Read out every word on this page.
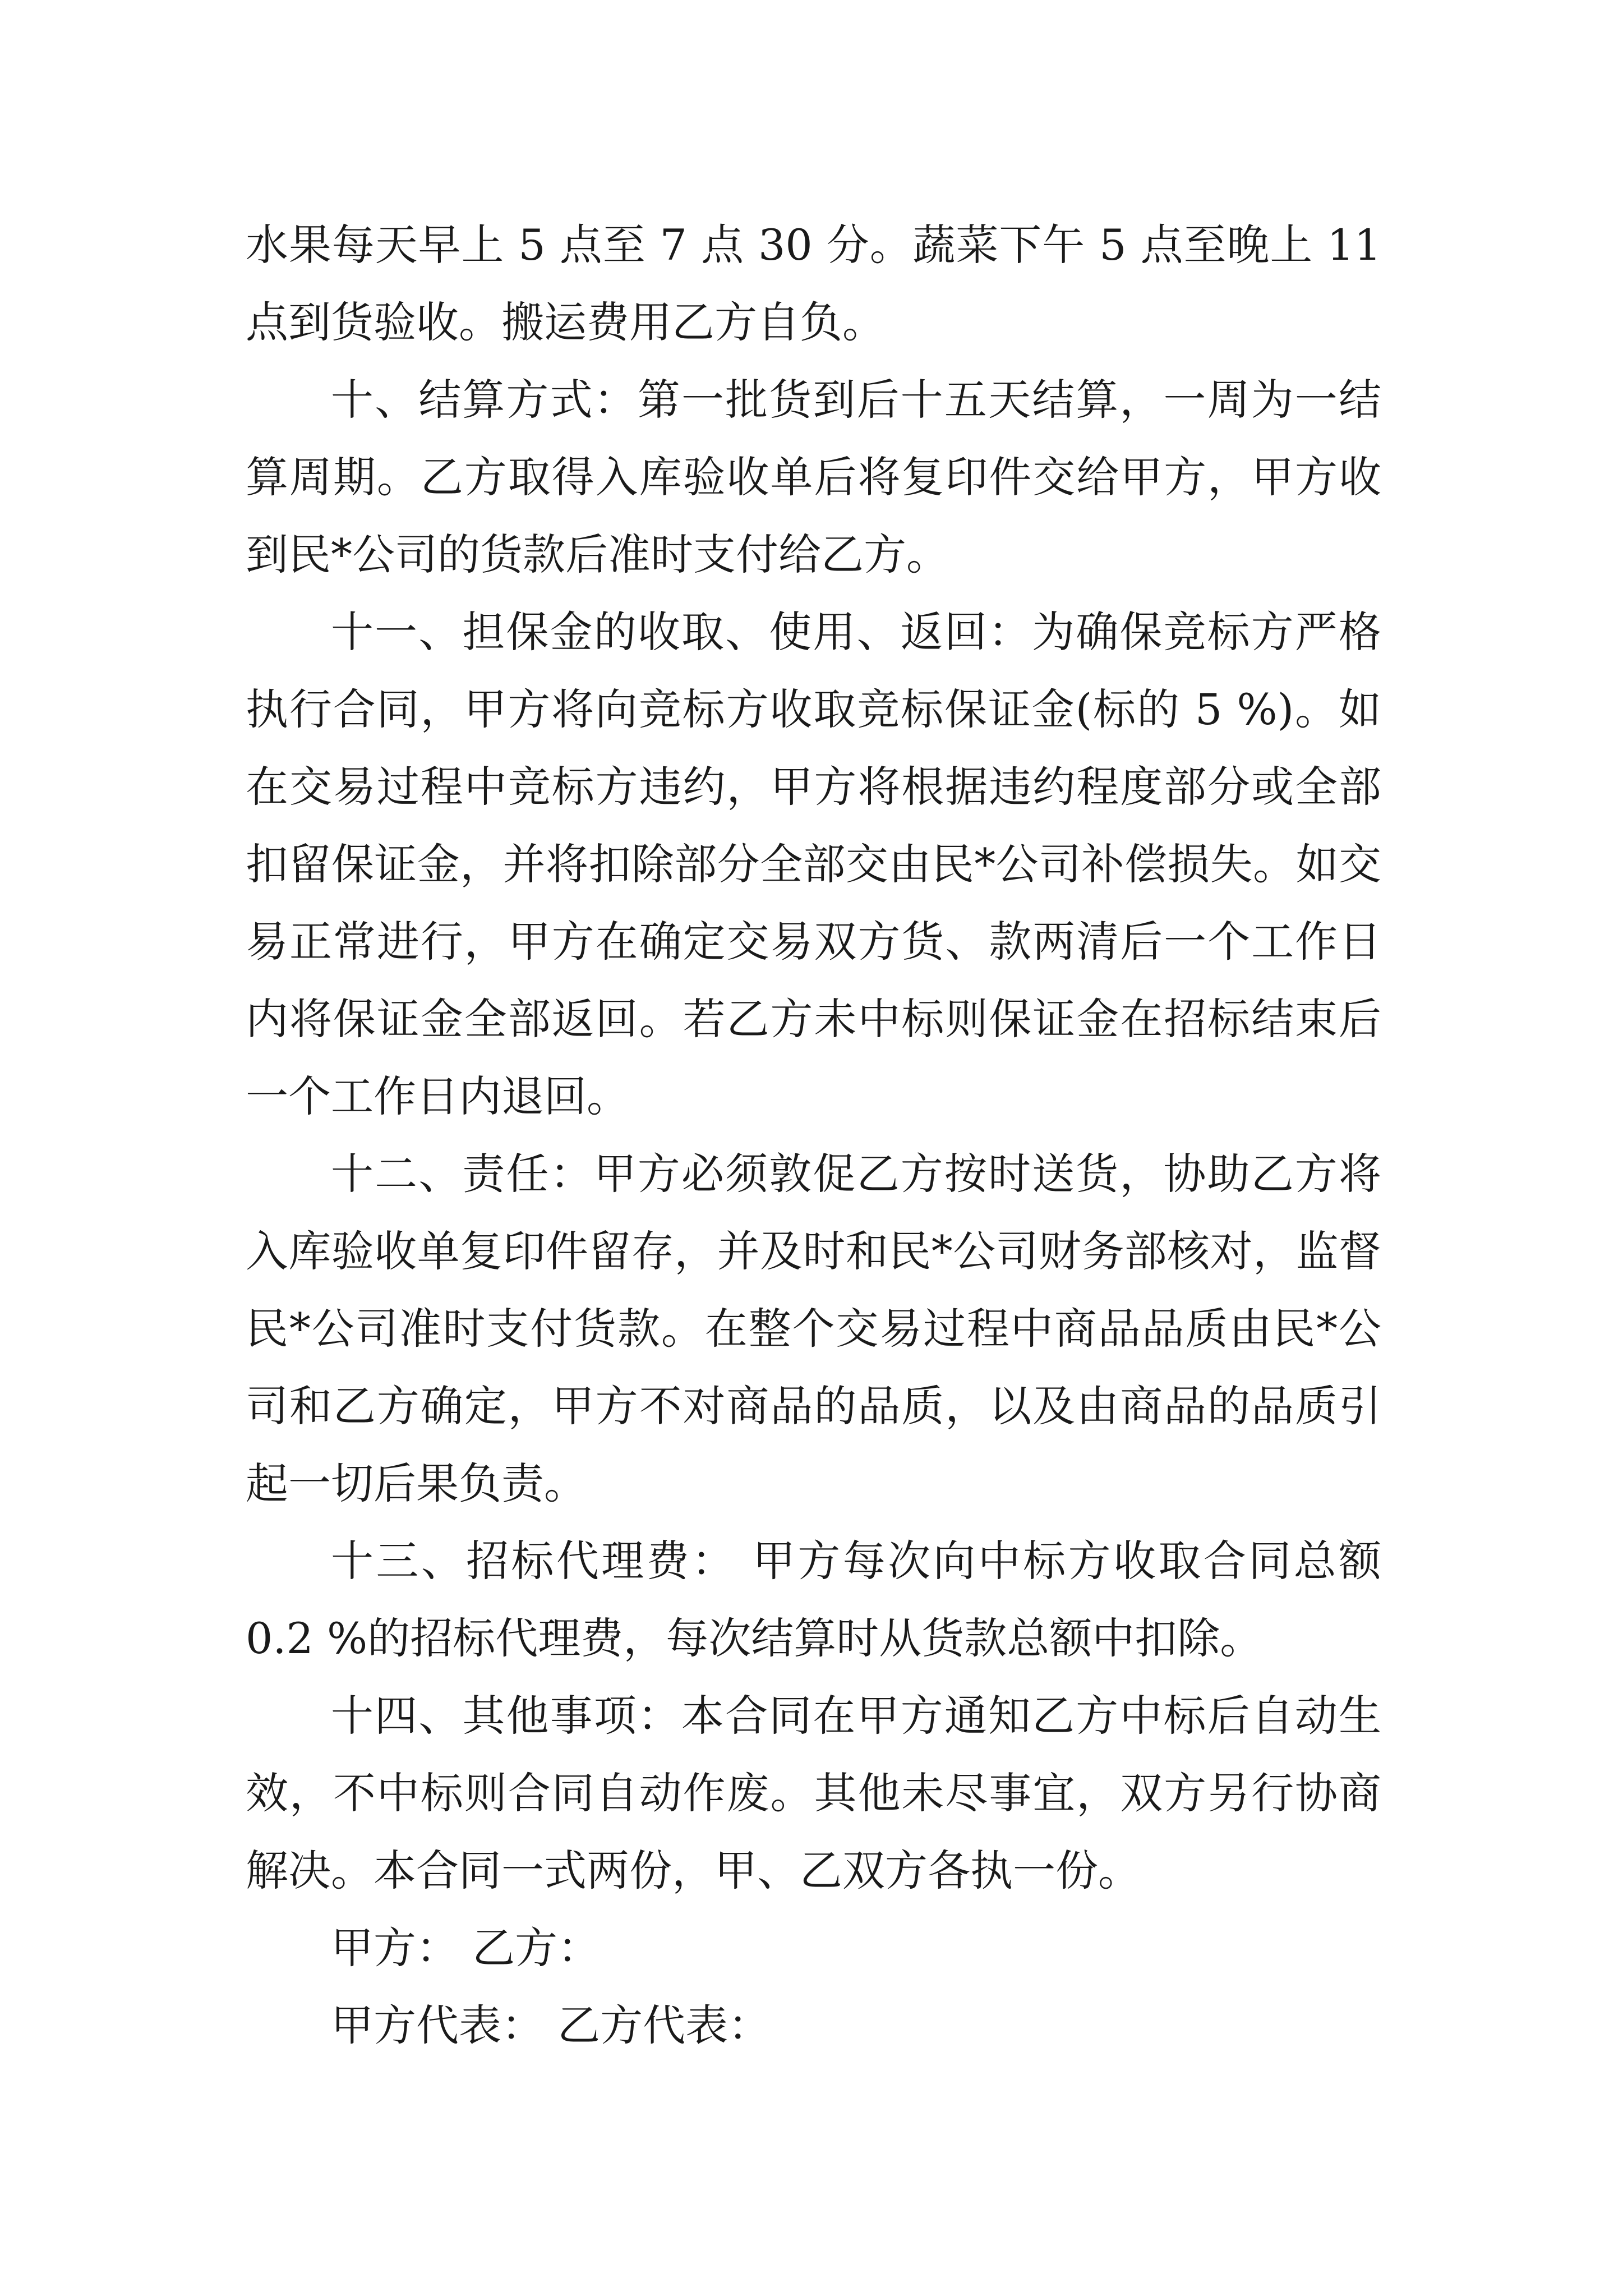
水果每天早上 5 点至 7 点 30 分。蔬菜下午 5 点至晚上 11 点到货验收。搬运费用乙方自负。

十、结算方式：第一批货到后十五天结算，一周为一结算周期。乙方取得入库验收单后将复印件交给甲方，甲方收到民*公司的货款后准时支付给乙方。

十一、担保金的收取、使用、返回：为确保竞标方严格执行合同，甲方将向竞标方收取竞标保证金(标的 5 %)。如在交易过程中竞标方违约，甲方将根据违约程度部分或全部扣留保证金，并将扣除部分全部交由民*公司补偿损失。如交易正常进行，甲方在确定交易双方货、款两清后一个工作日内将保证金全部返回。若乙方未中标则保证金在招标结束后一个工作日内退回。

十二、责任：甲方必须敦促乙方按时送货，协助乙方将入库验收单复印件留存，并及时和民*公司财务部核对，监督民*公司准时支付货款。在整个交易过程中商品品质由民*公司和乙方确定，甲方不对商品的品质，以及由商品的品质引起一切后果负责。

十三、招标代理费： 甲方每次向中标方收取合同总额 0.2 %的招标代理费，每次结算时从货款总额中扣除。

十四、其他事项：本合同在甲方通知乙方中标后自动生效，不中标则合同自动作废。其他未尽事宜，双方另行协商解决。本合同一式两份，甲、乙双方各执一份。

甲方： 乙方：

甲方代表： 乙方代表：
